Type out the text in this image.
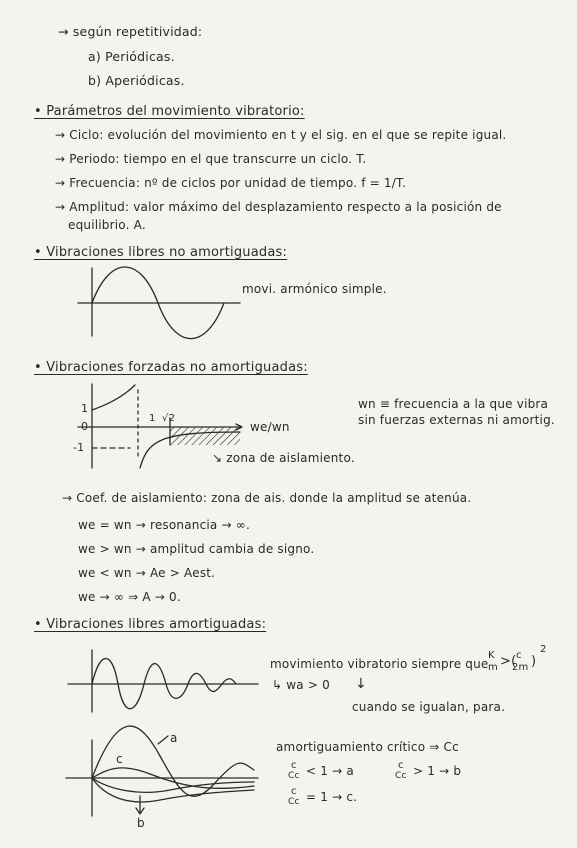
→ según repetitividad:
a) Periódicas.
b) Aperiódicas.
• Parámetros del movimiento vibratorio:
→ Ciclo: evolución del movimiento en t y el sig. en el que se repite igual.
→ Periodo: tiempo en el que transcurre un ciclo. T.
→ Frecuencia: nº de ciclos por unidad de tiempo. f = 1/T.
→ Amplitud: valor máximo del desplazamiento respecto a la posición de
equilibrio. A.
• Vibraciones libres no amortiguadas:
movi. armónico simple.
• Vibraciones forzadas no amortiguadas:
wn ≡ frecuencia a la que vibra
sin fuerzas externas ni amortig.
1
0
-1
1 √2
we/wn
↘ zona de aislamiento.
→ Coef. de aislamiento: zona de ais. donde la amplitud se atenúa.
we = wn → resonancia → ∞.
we > wn → amplitud cambia de signo.
we < wn → Ae > Aest.
we → ∞ ⇒ A → 0.
• Vibraciones libres amortiguadas:
movimiento vibratorio siempre que
K
m >( c
2m )
2
↳ wa > 0 ↓
cuando se igualan, para.
amortiguamiento crítico ⇒ Cc
c
Cc < 1 → a	c
Cc > 1 → b
c
Cc = 1 → c.
a
c
b
